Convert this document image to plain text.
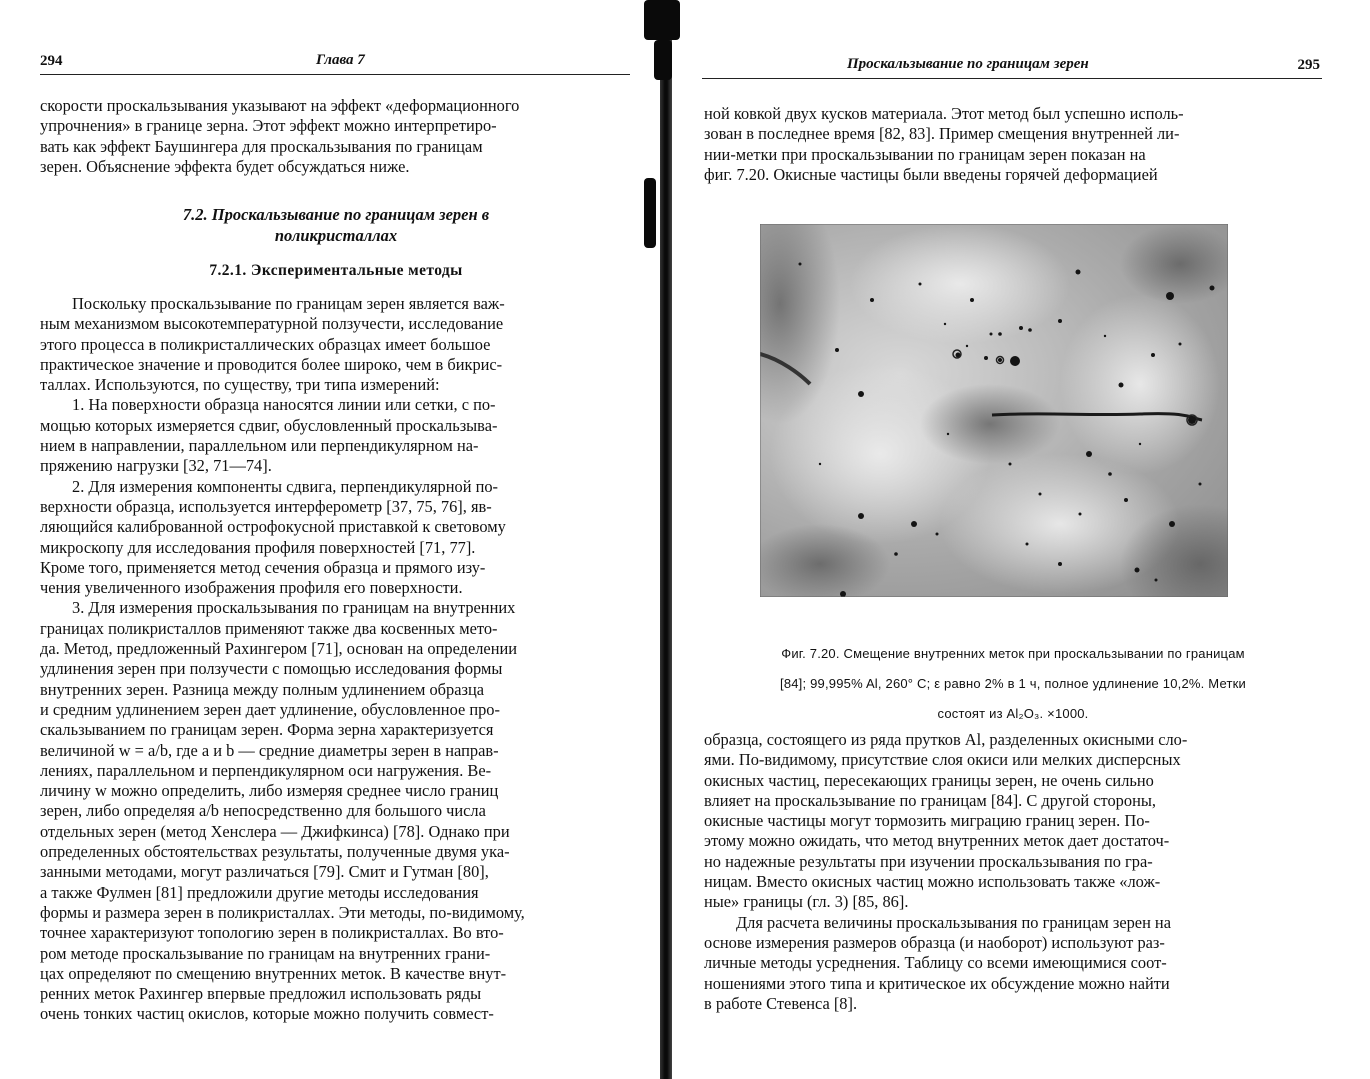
294	Глава 7

скорости проскальзывания указывают на эффект «деформационного

упрочнения» в границе зерна. Этот эффект можно интерпретиро-

вать как эффект Баушингера для проскальзывания по границам

зерен. Объяснение эффекта будет обсуждаться ниже.

7.2. Проскальзывание по границам зерен в
поликристаллах
7.2.1. Экспериментальные методы

Поскольку проскальзывание по границам зерен является важ-

ным механизмом высокотемпературной ползучести, исследование

этого процесса в поликристаллических образцах имеет большое

практическое значение и проводится более широко, чем в бикрис-

таллах. Используются, по существу, три типа измерений:

1. На поверхности образца наносятся линии или сетки, с по-

мощью которых измеряется сдвиг, обусловленный проскальзыва-

нием в направлении, параллельном или перпендикулярном на-

пряжению нагрузки [32, 71—74].

2. Для измерения компоненты сдвига, перпендикулярной по-

верхности образца, используется интерферометр [37, 75, 76], яв-

ляющийся калиброванной острофокусной приставкой к световому

микроскопу для исследования профиля поверхностей [71, 77].

Кроме того, применяется метод сечения образца и прямого изу-

чения увеличенного изображения профиля его поверхности.

3. Для измерения проскальзывания по границам на внутренних

границах поликристаллов применяют также два косвенных мето-

да. Метод, предложенный Рахингером [71], основан на определении

удлинения зерен при ползучести с помощью исследования формы

внутренних зерен. Разница между полным удлинением образца

и средним удлинением зерен дает удлинение, обусловленное про-

скальзыванием по границам зерен. Форма зерна характеризуется

величиной w = a/b, где a и b — средние диаметры зерен в направ-

лениях, параллельном и перпендикулярном оси нагружения. Ве-

личину w можно определить, либо измеряя среднее число границ

зерен, либо определяя a/b непосредственно для большого числа

отдельных зерен (метод Хенслера — Джифкинса) [78]. Однако при

определенных обстоятельствах результаты, полученные двумя ука-

занными методами, могут различаться [79]. Смит и Гутман [80],

а также Фулмен [81] предложили другие методы исследования

формы и размера зерен в поликристаллах. Эти методы, по-видимому,

точнее характеризуют топологию зерен в поликристаллах. Во вто-

ром методе проскальзывание по границам на внутренних грани-

цах определяют по смещению внутренних меток. В качестве внут-

ренних меток Рахингер впервые предложил использовать ряды

очень тонких частиц окислов, которые можно получить совмест-

Проскальзывание по границам зерен	295

ной ковкой двух кусков материала. Этот метод был успешно исполь-

зован в последнее время [82, 83]. Пример смещения внутренней ли-

нии-метки при проскальзывании по границам зерен показан на

фиг. 7.20. Окисные частицы были введены горячей деформацией

Фиг. 7.20. Смещение внутренних меток при проскальзывании по границам

[84]; 99,995% Al, 260° C; ε равно 2% в 1 ч, полное удлинение 10,2%. Метки

состоят из Al₂O₃. ×1000.

образца, состоящего из ряда прутков Al, разделенных окисными сло-

ями. По-видимому, присутствие слоя окиси или мелких дисперсных

окисных частиц, пересекающих границы зерен, не очень сильно

влияет на проскальзывание по границам [84]. С другой стороны,

окисные частицы могут тормозить миграцию границ зерен. По-

этому можно ожидать, что метод внутренних меток дает достаточ-

но надежные результаты при изучении проскальзывания по гра-

ницам. Вместо окисных частиц можно использовать также «лож-

ные» границы (гл. 3) [85, 86].

Для расчета величины проскальзывания по границам зерен на

основе измерения размеров образца (и наоборот) используют раз-

личные методы усреднения. Таблицу со всеми имеющимися соот-

ношениями этого типа и критическое их обсуждение можно найти

в работе Стевенса [8].
